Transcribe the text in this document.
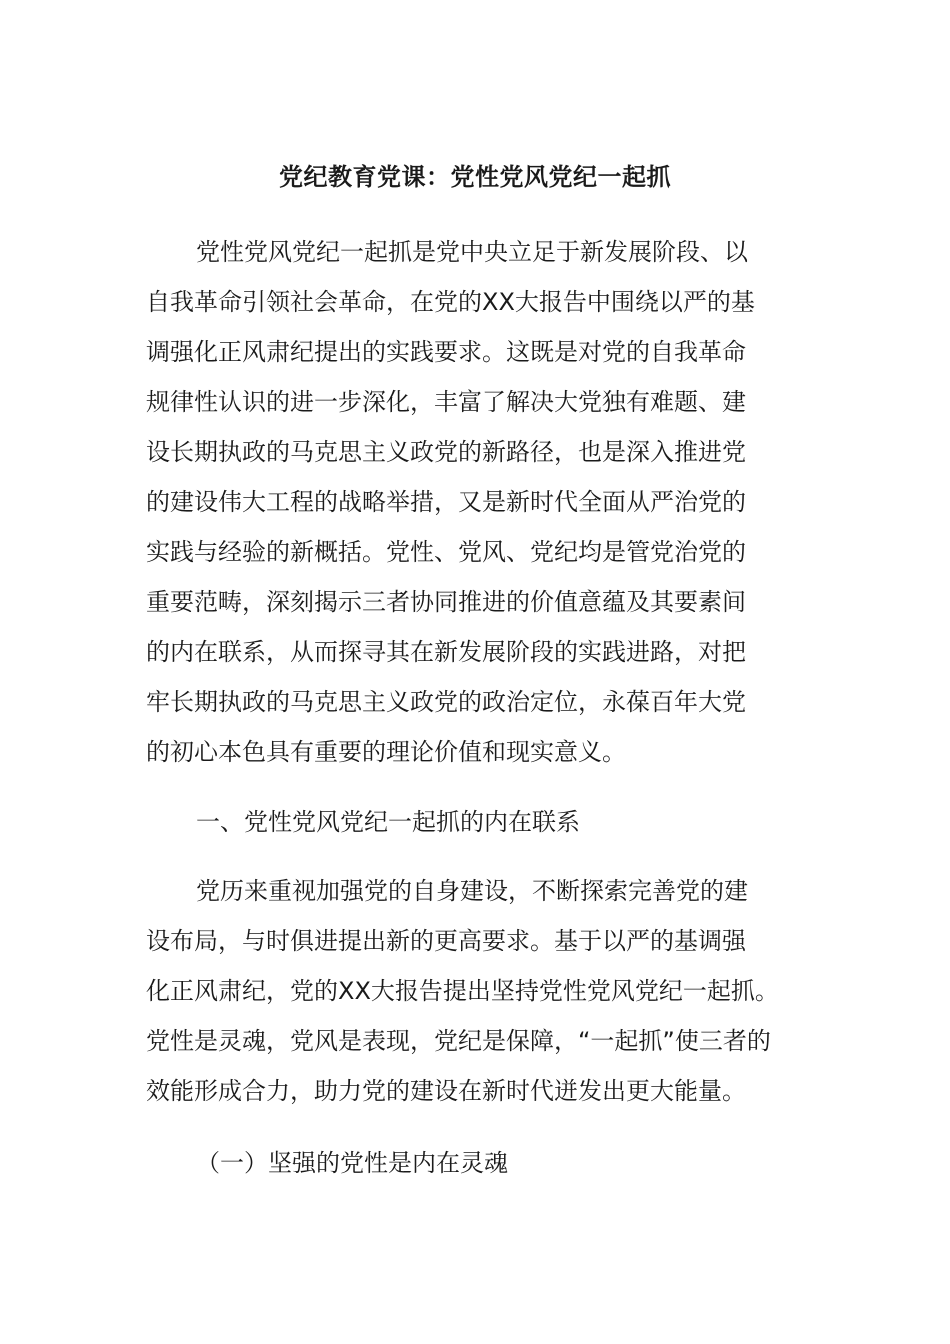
党纪教育党课：党性党风党纪一起抓
党性党风党纪一起抓是党中央立足于新发展阶段、以
自我革命引领社会革命，在党的XX大报告中围绕以严的基
调强化正风肃纪提出的实践要求。这既是对党的自我革命
规律性认识的进一步深化，丰富了解决大党独有难题、建
设长期执政的马克思主义政党的新路径，也是深入推进党
的建设伟大工程的战略举措，又是新时代全面从严治党的
实践与经验的新概括。党性、党风、党纪均是管党治党的
重要范畴，深刻揭示三者协同推进的价值意蕴及其要素间
的内在联系，从而探寻其在新发展阶段的实践进路，对把
牢长期执政的马克思主义政党的政治定位，永葆百年大党
的初心本色具有重要的理论价值和现实意义。
一、党性党风党纪一起抓的内在联系
党历来重视加强党的自身建设，不断探索完善党的建
设布局，与时俱进提出新的更高要求。基于以严的基调强
化正风肃纪，党的XX大报告提出坚持党性党风党纪一起抓。
党性是灵魂，党风是表现，党纪是保障，“一起抓”使三者的
效能形成合力，助力党的建设在新时代迸发出更大能量。
（一）坚强的党性是内在灵魂
